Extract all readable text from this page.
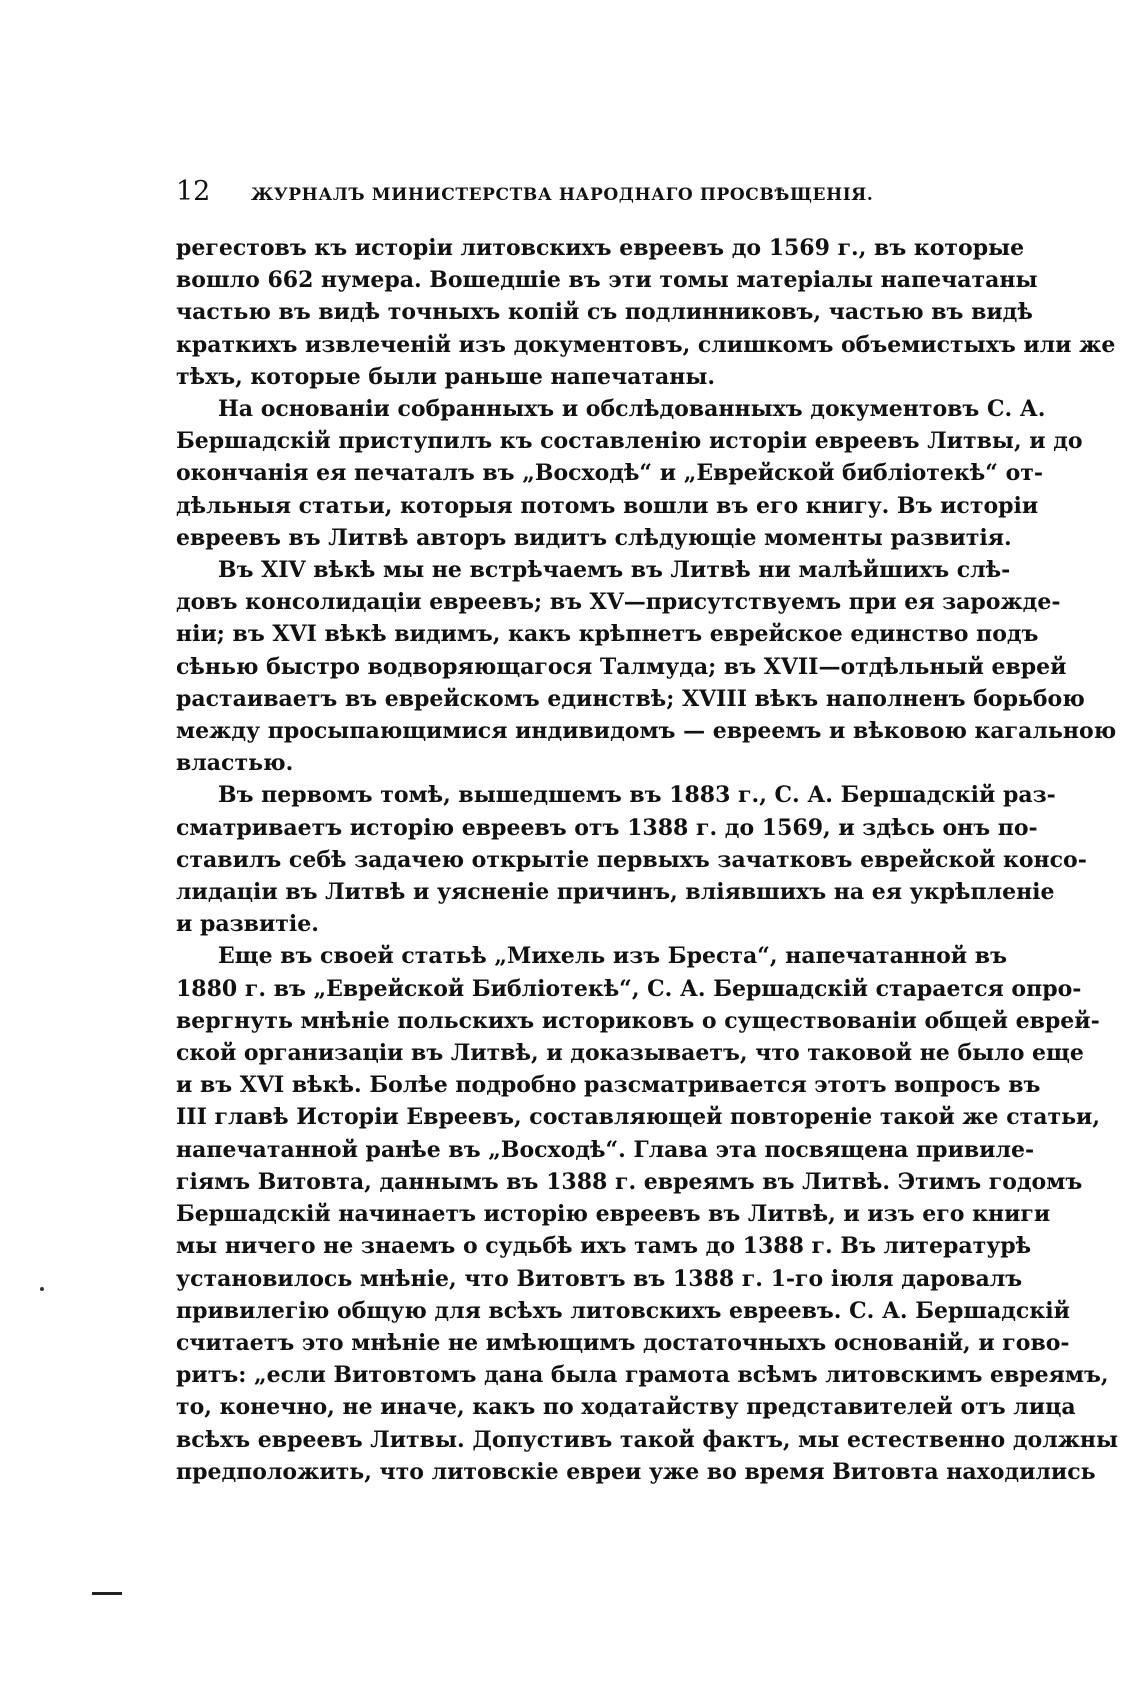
12	ЖУРНАЛЪ МИНИСТЕРСТВА НАРОДНАГО ПРОСВѢЩЕНІЯ.
регестовъ къ исторіи литовскихъ евреевъ до 1569 г., въ которые
вошло 662 нумера. Вошедшіе въ эти томы матеріалы напечатаны
частью въ видѣ точныхъ копій съ подлинниковъ, частью въ видѣ
краткихъ извлеченій изъ документовъ, слишкомъ объемистыхъ или же
тѣхъ, которые были раньше напечатаны.
На основаніи собранныхъ и обслѣдованныхъ документовъ С. А.
Бершадскій приступилъ къ составленію исторіи евреевъ Литвы, и до
окончанія ея печаталъ въ „Восходѣ“ и „Еврейской библіотекѣ“ от-
дѣльныя статьи, которыя потомъ вошли въ его книгу. Въ исторіи
евреевъ въ Литвѣ авторъ видитъ слѣдующіе моменты развитія.
Въ XIV вѣкѣ мы не встрѣчаемъ въ Литвѣ ни малѣйшихъ слѣ-
довъ консолидаціи евреевъ; въ XV—присутствуемъ при ея зарожде-
ніи; въ XVI вѣкѣ видимъ, какъ крѣпнетъ еврейское единство подъ
сѣнью быстро водворяющагося Талмуда; въ XVII—отдѣльный еврей
растаиваетъ въ еврейскомъ единствѣ; XVIII вѣкъ наполненъ борьбою
между просыпающимися индивидомъ — евреемъ и вѣковою кагальною
властью.
Въ первомъ томѣ, вышедшемъ въ 1883 г., С. А. Бершадскій раз-
сматриваетъ исторію евреевъ отъ 1388 г. до 1569, и здѣсь онъ по-
ставилъ себѣ задачею открытіе первыхъ зачатковъ еврейской консо-
лидаціи въ Литвѣ и уясненіе причинъ, вліявшихъ на ея укрѣпленіе
и развитіе.
Еще въ своей статьѣ „Михель изъ Бреста“, напечатанной въ
1880 г. въ „Еврейской Библіотекѣ“, С. А. Бершадскій старается опро-
вергнуть мнѣніе польскихъ историковъ о существованіи общей еврей-
ской организаціи въ Литвѣ, и доказываетъ, что таковой не было еще
и въ XVI вѣкѣ. Болѣе подробно разсматривается этотъ вопросъ въ
III главѣ Исторіи Евреевъ, составляющей повтореніе такой же статьи,
напечатанной ранѣе въ „Восходѣ“. Глава эта посвящена привиле-
гіямъ Витовта, даннымъ въ 1388 г. евреямъ въ Литвѣ. Этимъ годомъ
Бершадскій начинаетъ исторію евреевъ въ Литвѣ, и изъ его книги
мы ничего не знаемъ о судьбѣ ихъ тамъ до 1388 г. Въ литературѣ
установилось мнѣніе, что Витовтъ въ 1388 г. 1-го іюля даровалъ
привилегію общую для всѣхъ литовскихъ евреевъ. С. А. Бершадскій
считаетъ это мнѣніе не имѣющимъ достаточныхъ основаній, и гово-
ритъ: „если Витовтомъ дана была грамота всѣмъ литовскимъ евреямъ,
то, конечно, не иначе, какъ по ходатайству представителей отъ лица
всѣхъ евреевъ Литвы. Допустивъ такой фактъ, мы естественно должны
предположить, что литовскіе евреи уже во время Витовта находились
